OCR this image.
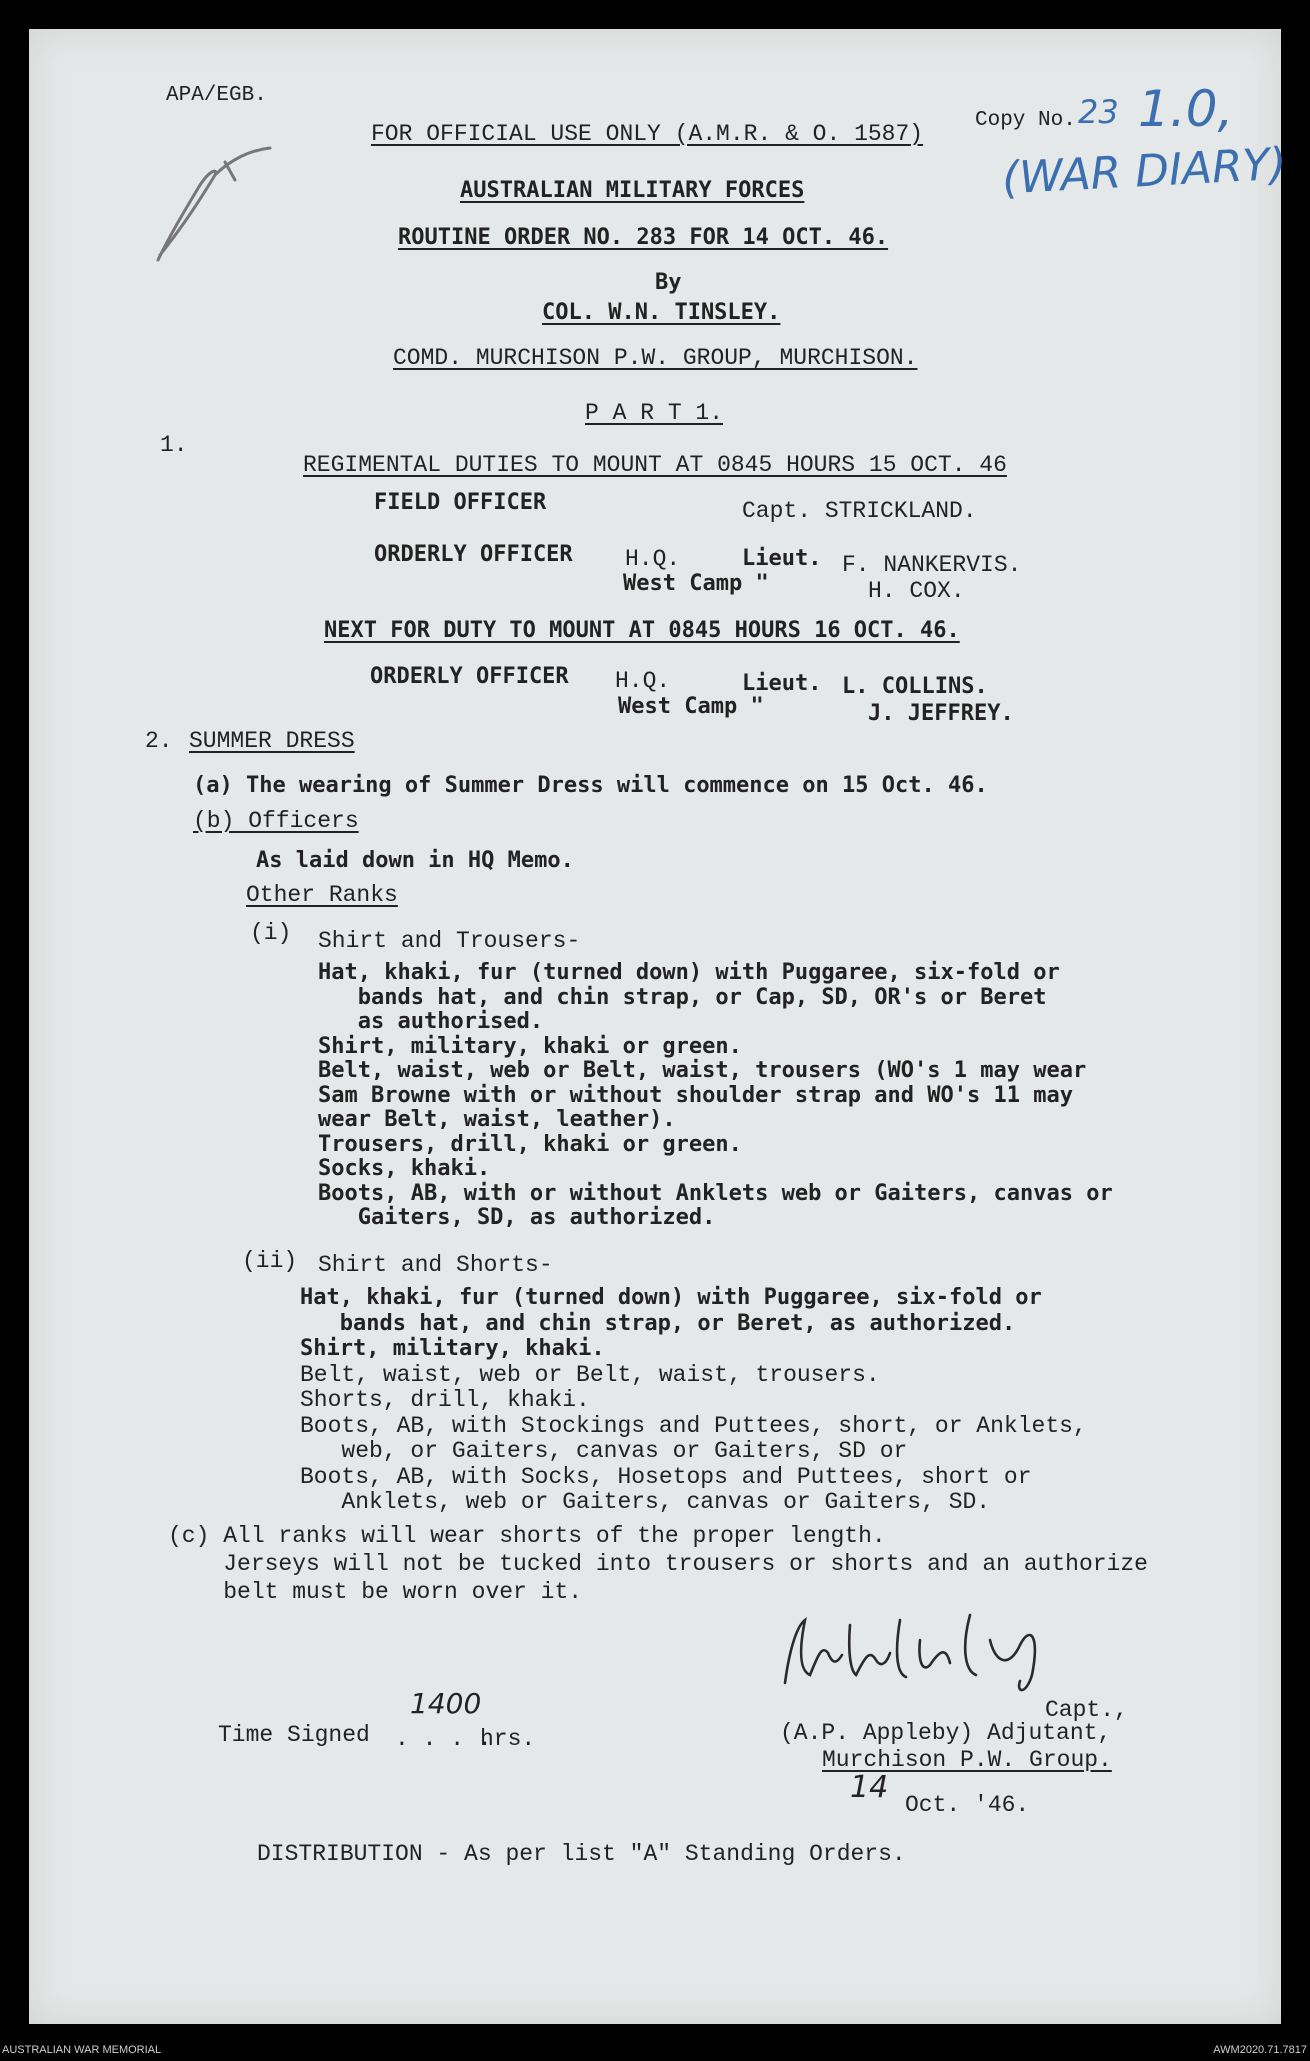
APA/EGB.
FOR OFFICIAL USE ONLY (A.M.R. & O. 1587)
Copy No. 23 1.0,
(WAR DIARY)
AUSTRALIAN MILITARY FORCES
ROUTINE ORDER NO. 283 FOR 14 OCT. 46.
By
COL. W.N. TINSLEY.
COMD. MURCHISON P.W. GROUP, MURCHISON.
P A R T 1.
1.
REGIMENTAL DUTIES TO MOUNT AT 0845 HOURS 15 OCT. 46
FIELD OFFICER	Capt. STRICKLAND.
ORDERLY OFFICER H.Q.	Lieut. F. NANKERVIS.
West Camp "	H. COX.
NEXT FOR DUTY TO MOUNT AT 0845 HOURS 16 OCT. 46.
ORDERLY OFFICER H.Q.	Lieut. L. COLLINS.
West Camp "	J. JEFFREY.
2. SUMMER DRESS
(a) The wearing of Summer Dress will commence on 15 Oct. 46.
(b) Officers
As laid down in HQ Memo.
Other Ranks
(i) Shirt and Trousers-
Hat, khaki, fur (turned down) with Puggaree, six-fold or
bands hat, and chin strap, or Cap, SD, OR's or Beret
as authorised.
Shirt, military, khaki or green.
Belt, waist, web or Belt, waist, trousers (WO's 1 may wear
Sam Browne with or without shoulder strap and WO's 11 may
wear Belt, waist, leather).
Trousers, drill, khaki or green.
Socks, khaki.
Boots, AB, with or without Anklets web or Gaiters, canvas or
Gaiters, SD, as authorized.
(ii) Shirt and Shorts-
Hat, khaki, fur (turned down) with Puggaree, six-fold or
bands hat, and chin strap, or Beret, as authorized.
Shirt, military, khaki.
Belt, waist, web or Belt, waist, trousers.
Shorts, drill, khaki.
Boots, AB, with Stockings and Puttees, short, or Anklets,
web, or Gaiters, canvas or Gaiters, SD or
Boots, AB, with Socks, Hosetops and Puttees, short or
Anklets, web or Gaiters, canvas or Gaiters, SD.
(c) All ranks will wear shorts of the proper length.
Jerseys will not be tucked into trousers or shorts and an authorize
belt must be worn over it.
Time Signed . . . .
1400
hrs.
Capt.,
(A.P. Appleby) Adjutant,
Murchison P.W. Group.
14 Oct. '46.
DISTRIBUTION - As per list "A" Standing Orders.
AUSTRALIAN WAR MEMORIAL	AWM2020.71.7817
